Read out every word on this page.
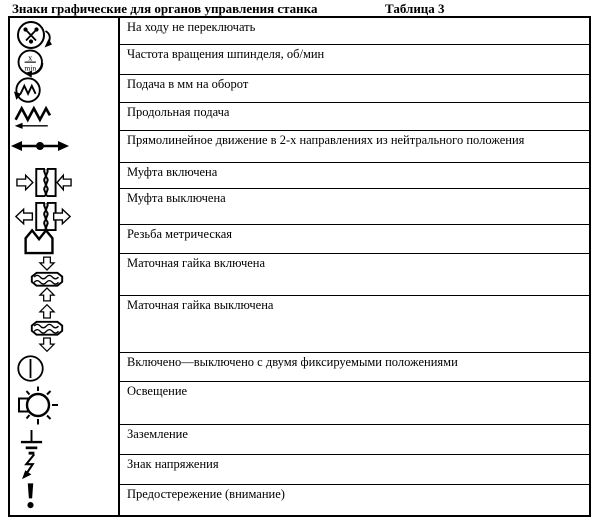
Знаки графические для органов управления станка	Таблица 3
x
min
На ходу не переключать
Частота вращения шпинделя, об/мин
Подача в мм на оборот
Продольная подача
Прямолинейное движение в 2-х направлениях из нейтрального положения
Муфта включена
Муфта выключена
Резьба метрическая
Маточная гайка включена
Маточная гайка выключена
Включено—выключено с двумя фиксируемыми положениями
Освещение
Заземление
Знак напряжения
Предостережение (внимание)
